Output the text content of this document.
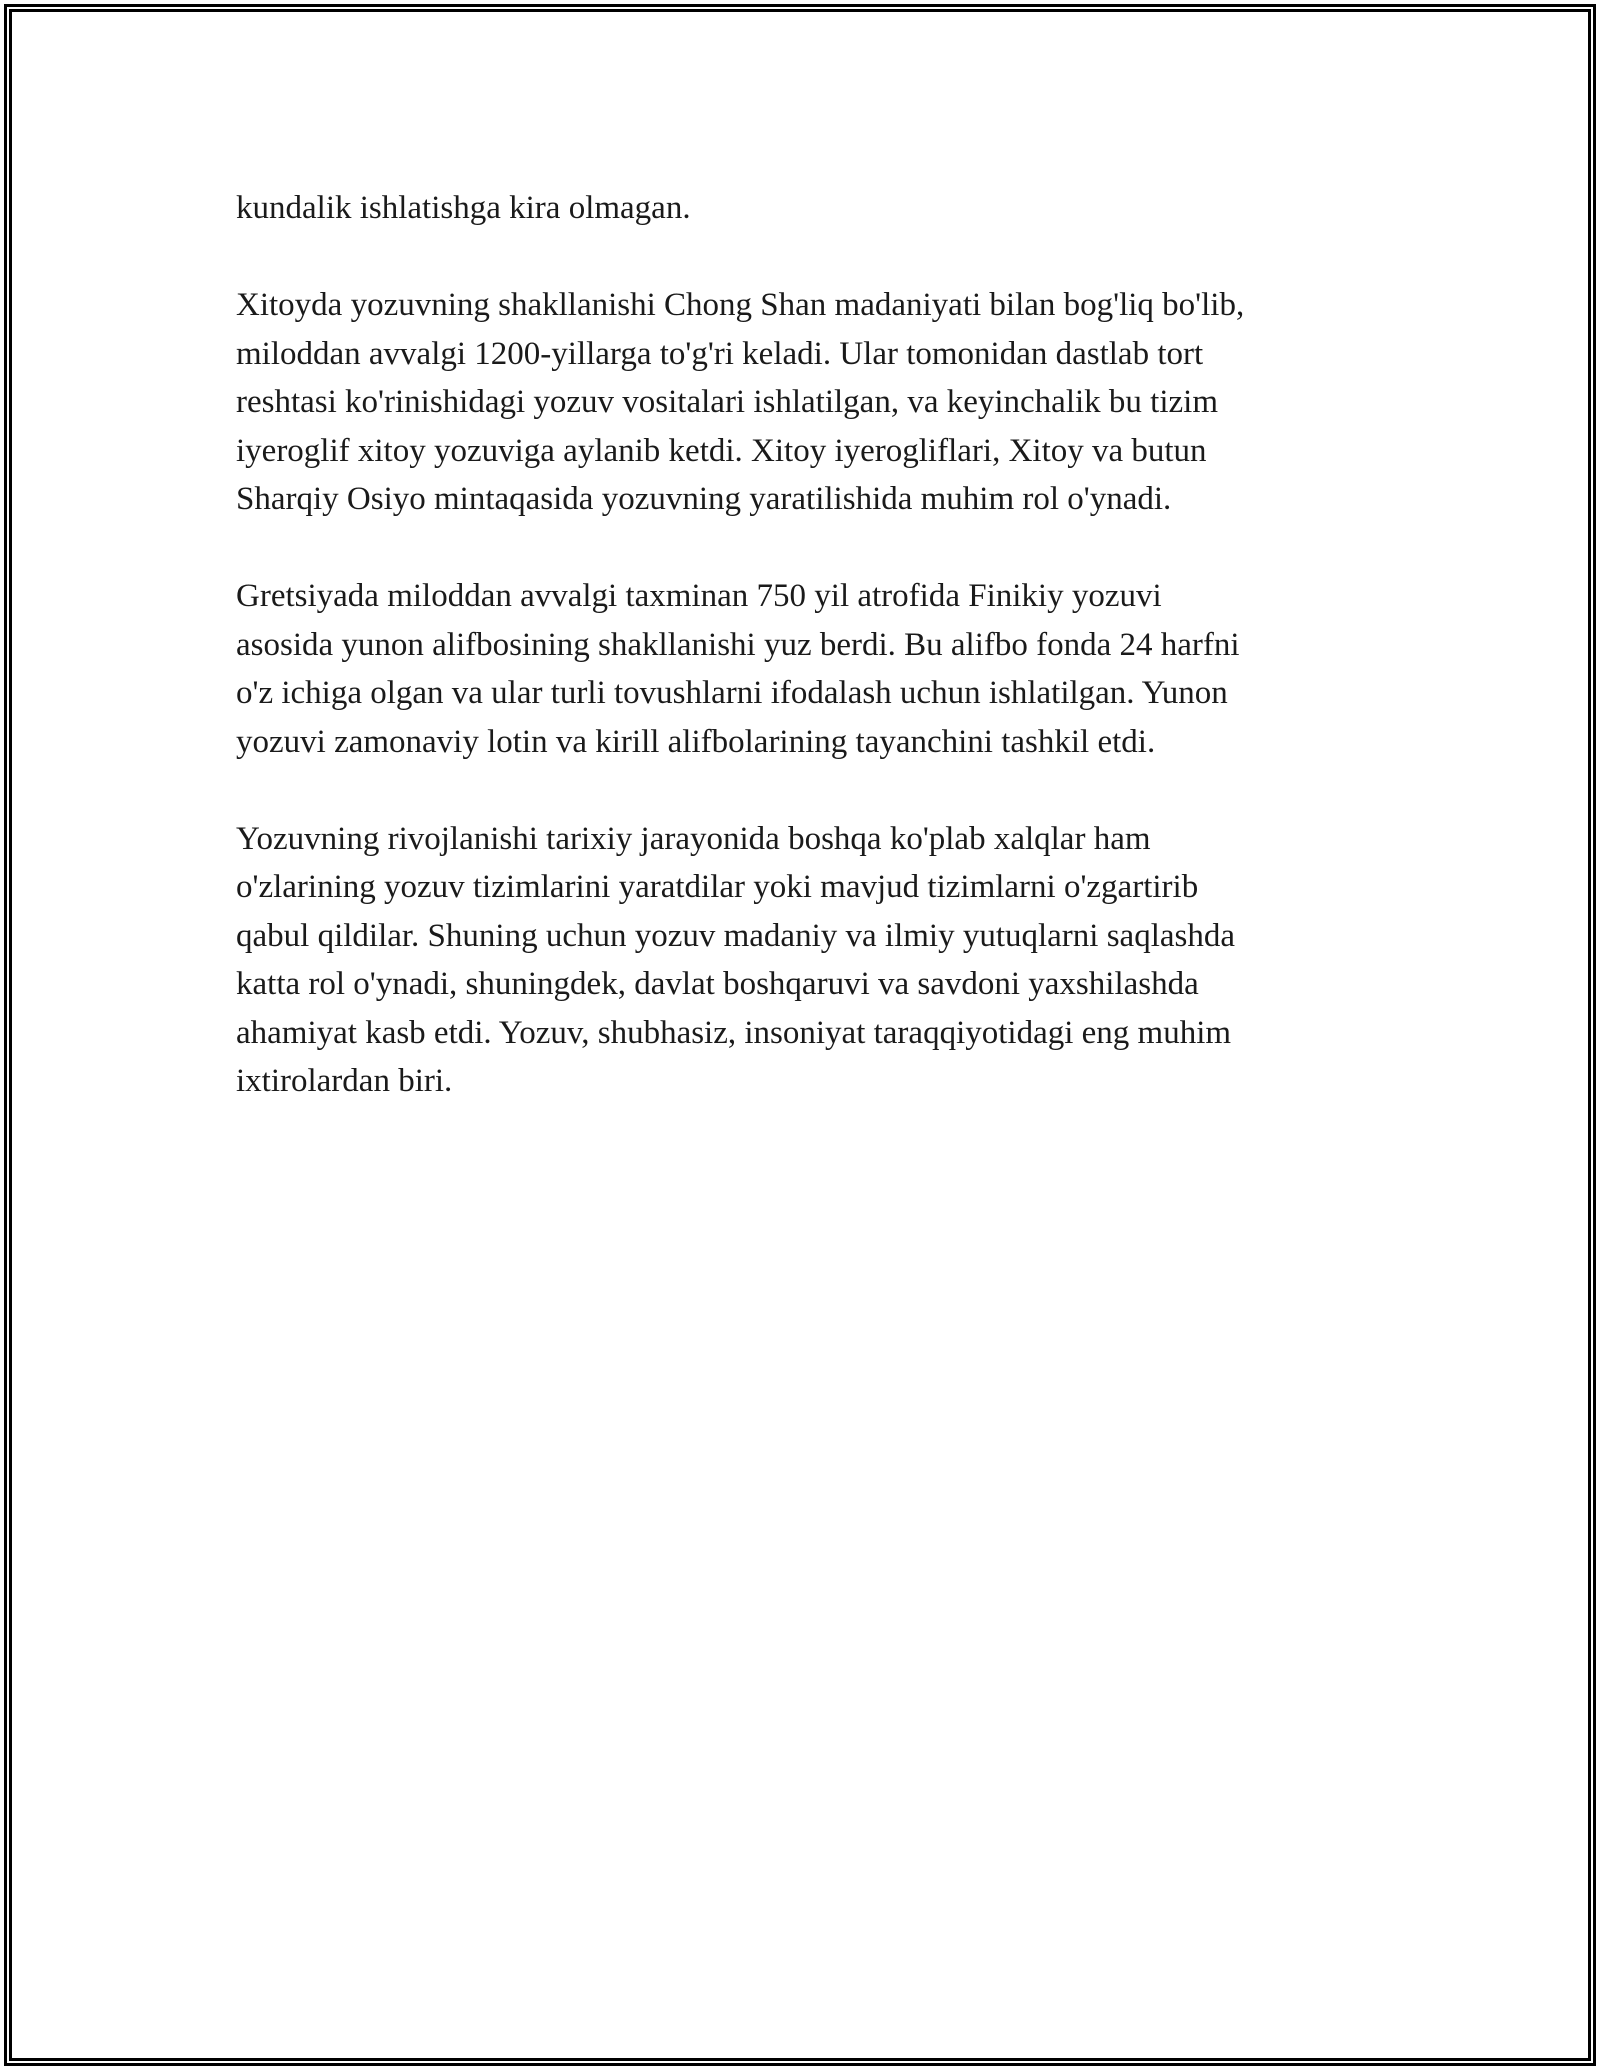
kundalik ishlatishga kira olmagan.

Xitoyda yozuvning shakllanishi Chong Shan madaniyati bilan bog'liq bo'lib,
miloddan avvalgi 1200-yillarga to'g'ri keladi. Ular tomonidan dastlab tort
reshtasi ko'rinishidagi yozuv vositalari ishlatilgan, va keyinchalik bu tizim
iyeroglif xitoy yozuviga aylanib ketdi. Xitoy iyerogliflari, Xitoy va butun
Sharqiy Osiyo mintaqasida yozuvning yaratilishida muhim rol o'ynadi.

Gretsiyada miloddan avvalgi taxminan 750 yil atrofida Finikiy yozuvi
asosida yunon alifbosining shakllanishi yuz berdi. Bu alifbo fonda 24 harfni
o'z ichiga olgan va ular turli tovushlarni ifodalash uchun ishlatilgan. Yunon
yozuvi zamonaviy lotin va kirill alifbolarining tayanchini tashkil etdi.

Yozuvning rivojlanishi tarixiy jarayonida boshqa ko'plab xalqlar ham
o'zlarining yozuv tizimlarini yaratdilar yoki mavjud tizimlarni o'zgartirib
qabul qildilar. Shuning uchun yozuv madaniy va ilmiy yutuqlarni saqlashda
katta rol o'ynadi, shuningdek, davlat boshqaruvi va savdoni yaxshilashda
ahamiyat kasb etdi. Yozuv, shubhasiz, insoniyat taraqqiyotidagi eng muhim
ixtirolardan biri.
